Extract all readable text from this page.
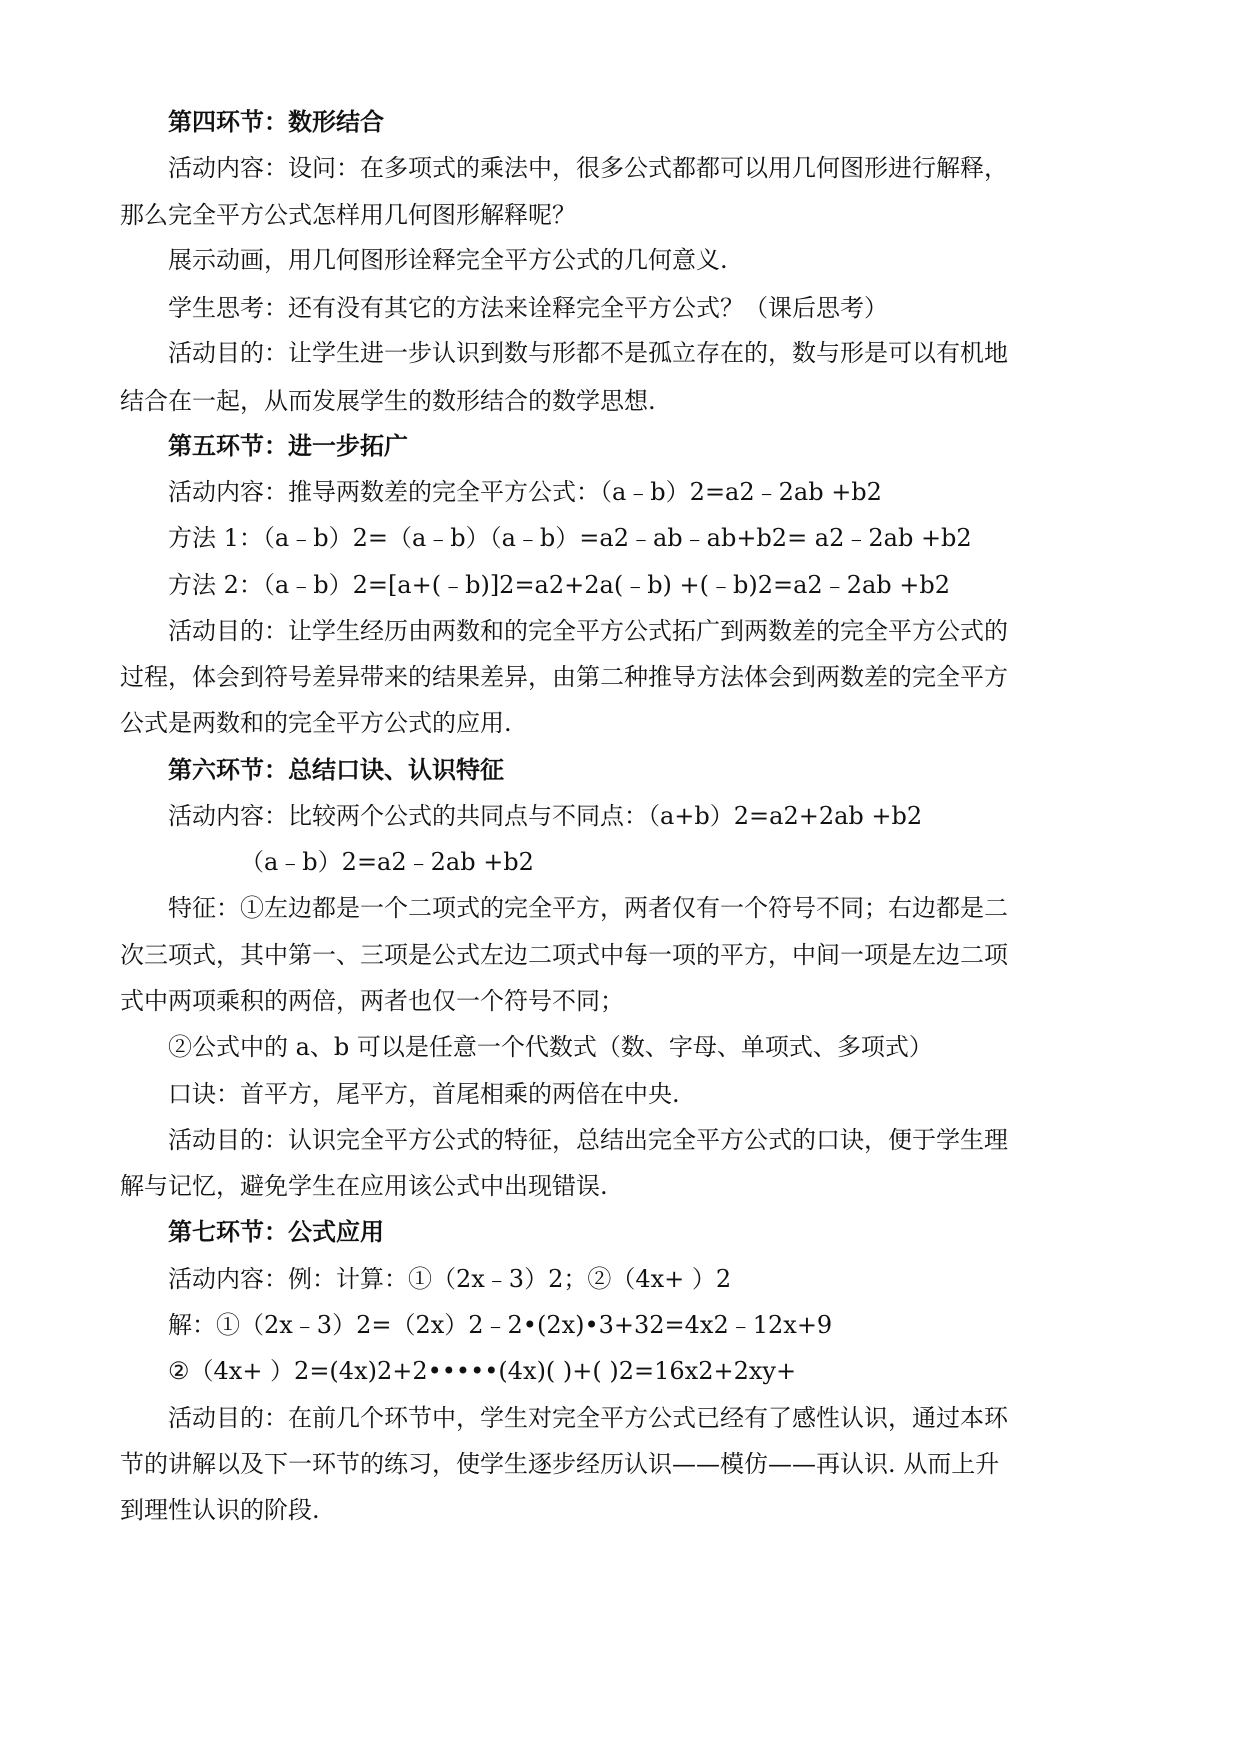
第四环节：数形结合
活动内容：设问：在多项式的乘法中，很多公式都都可以用几何图形进行解释，
那么完全平方公式怎样用几何图形解释呢？
展示动画，用几何图形诠释完全平方公式的几何意义.
学生思考：还有没有其它的方法来诠释完全平方公式？（课后思考）
活动目的：让学生进一步认识到数与形都不是孤立存在的，数与形是可以有机地
结合在一起，从而发展学生的数形结合的数学思想.
第五环节：进一步拓广
活动内容：推导两数差的完全平方公式：（a﹣b）2=a2﹣2ab +b2
方法 1：（a﹣b）2=（a﹣b）（a﹣b）=a2﹣ab﹣ab+b2= a2﹣2ab +b2
方法 2：（a﹣b）2=[a+(﹣b)]2=a2+2a(﹣b) +(﹣b)2=a2﹣2ab +b2
活动目的：让学生经历由两数和的完全平方公式拓广到两数差的完全平方公式的
过程，体会到符号差异带来的结果差异，由第二种推导方法体会到两数差的完全平方
公式是两数和的完全平方公式的应用.
第六环节：总结口诀、认识特征
活动内容：比较两个公式的共同点与不同点：（a+b）2=a2+2ab +b2
（a﹣b）2=a2﹣2ab +b2
特征：①左边都是一个二项式的完全平方，两者仅有一个符号不同；右边都是二
次三项式，其中第一、三项是公式左边二项式中每一项的平方，中间一项是左边二项
式中两项乘积的两倍，两者也仅一个符号不同；
②公式中的 a、b 可以是任意一个代数式（数、字母、单项式、多项式）
口诀：首平方，尾平方，首尾相乘的两倍在中央.
活动目的：认识完全平方公式的特征，总结出完全平方公式的口诀，便于学生理
解与记忆，避免学生在应用该公式中出现错误.
第七环节：公式应用
活动内容：例：计算：①（2x﹣3）2；②（4x+ ）2
解：①（2x﹣3）2=（2x）2﹣2•(2x)•3+32=4x2﹣12x+9
②（4x+ ）2=(4x)2+2•••••(4x)( )+( )2=16x2+2xy+
活动目的：在前几个环节中，学生对完全平方公式已经有了感性认识，通过本环
节的讲解以及下一环节的练习，使学生逐步经历认识——模仿——再认识. 从而上升
到理性认识的阶段.
